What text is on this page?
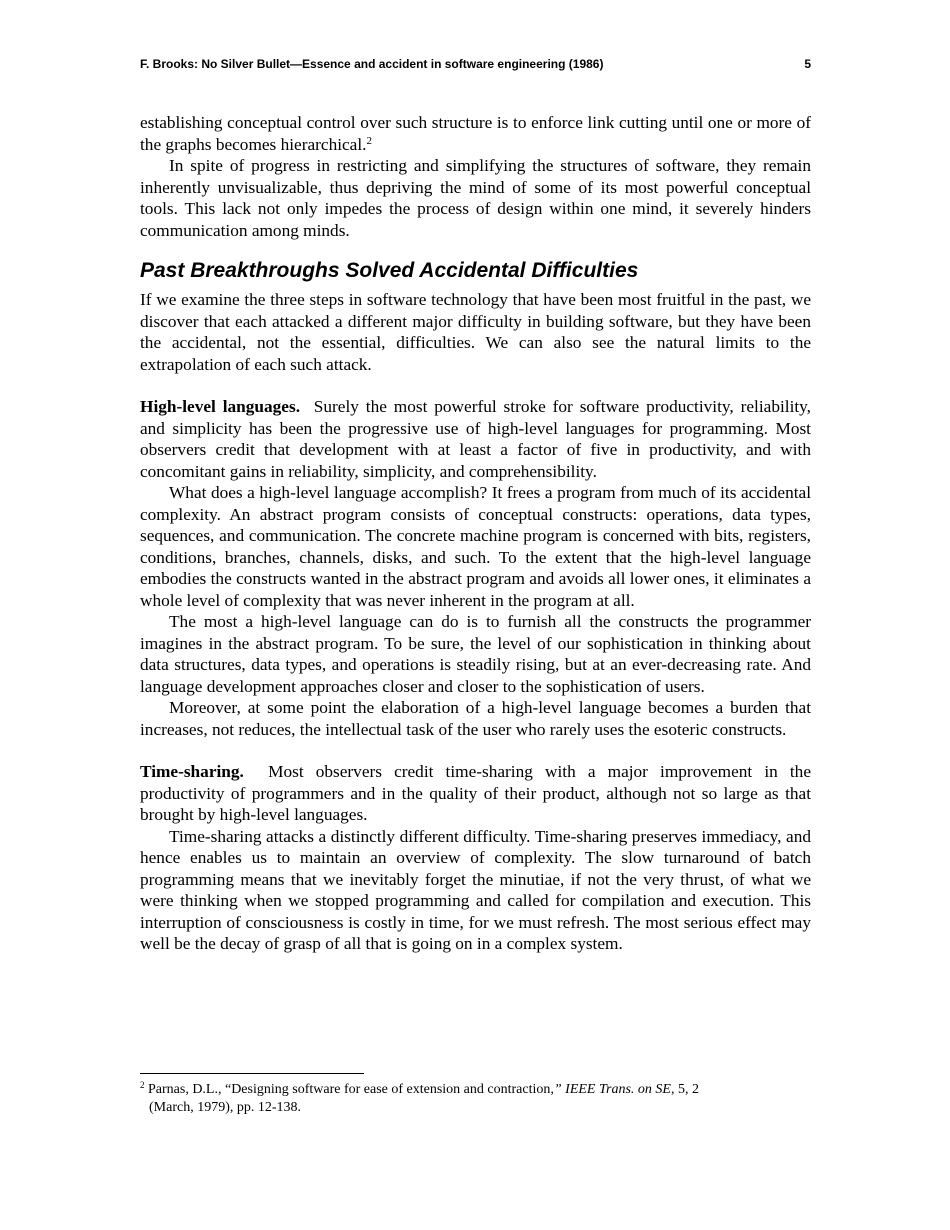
F. Brooks: No Silver Bullet—Essence and accident in software engineering (1986)	5

establishing conceptual control over such structure is to enforce link cutting until one or more of the graphs becomes hierarchical.$^2$

In spite of progress in restricting and simplifying the structures of software, they remain inherently unvisualizable, thus depriving the mind of some of its most powerful conceptual tools. This lack not only impedes the process of design within one mind, it severely hinders communication among minds.

Past Breakthroughs Solved Accidental Difficulties

If we examine the three steps in software technology that have been most fruitful in the past, we discover that each attacked a different major difficulty in building software, but they have been the accidental, not the essential, difficulties. We can also see the natural limits to the extrapolation of each such attack.

High-level languages. Surely the most powerful stroke for software productivity, reliability, and simplicity has been the progressive use of high-level languages for programming. Most observers credit that development with at least a factor of five in productivity, and with concomitant gains in reliability, simplicity, and comprehensibility.

What does a high-level language accomplish? It frees a program from much of its accidental complexity. An abstract program consists of conceptual constructs: operations, data types, sequences, and communication. The concrete machine program is concerned with bits, registers, conditions, branches, channels, disks, and such. To the extent that the high-level language embodies the constructs wanted in the abstract program and avoids all lower ones, it eliminates a whole level of complexity that was never inherent in the program at all.

The most a high-level language can do is to furnish all the constructs the programmer imagines in the abstract program. To be sure, the level of our sophistication in thinking about data structures, data types, and operations is steadily rising, but at an ever-decreasing rate. And language development approaches closer and closer to the sophistication of users.

Moreover, at some point the elaboration of a high-level language becomes a burden that increases, not reduces, the intellectual task of the user who rarely uses the esoteric constructs.

Time-sharing. Most observers credit time-sharing with a major improvement in the productivity of programmers and in the quality of their product, although not so large as that brought by high-level languages.

Time-sharing attacks a distinctly different difficulty. Time-sharing preserves immediacy, and hence enables us to maintain an overview of complexity. The slow turnaround of batch programming means that we inevitably forget the minutiae, if not the very thrust, of what we were thinking when we stopped programming and called for compilation and execution. This interruption of consciousness is costly in time, for we must refresh. The most serious effect may well be the decay of grasp of all that is going on in a complex system.

$^2$ Parnas, D.L., “Designing software for ease of extension and contraction,” IEEE Trans. on SE, 5, 2
(March, 1979), pp. 12-138.
